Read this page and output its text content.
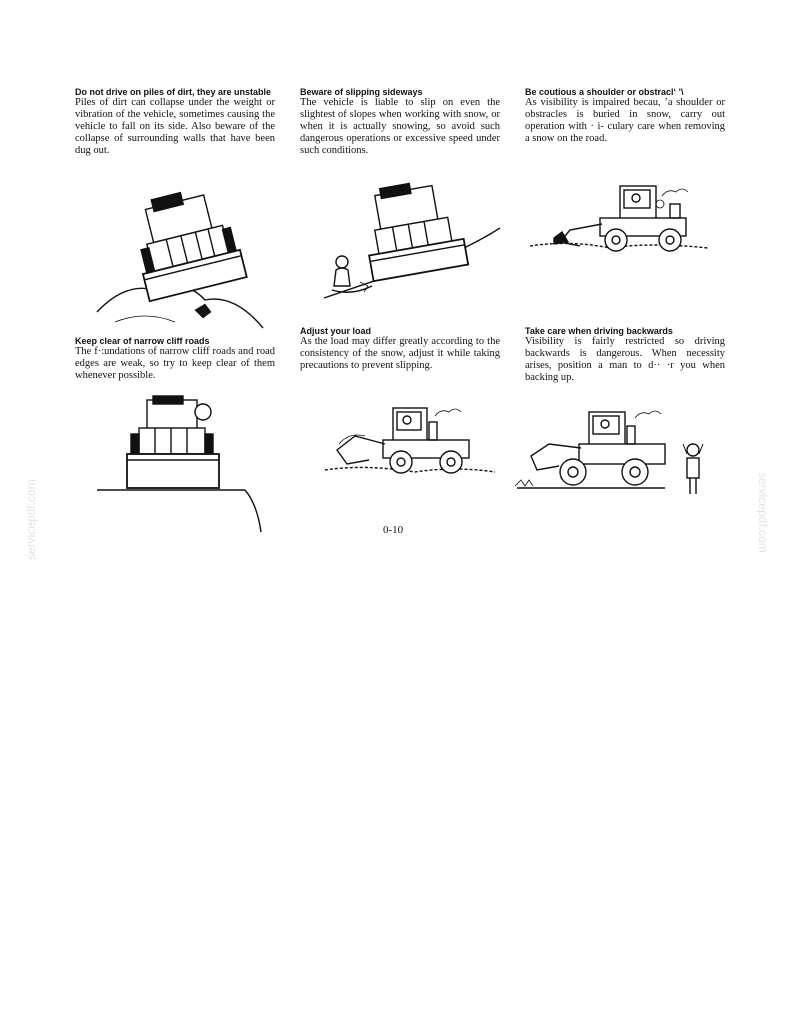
Do not drive on piles of dirt, they are unstable

Piles of dirt can collapse under the weight or vibration of the vehicle, sometimes causing the vehicle to fall on its side. Also beware of the collapse of surrounding walls that have been dug out.

Beware of slipping sideways

The vehicle is liable to slip on even the slightest of slopes when working with snow, or when it is actually snowing, so avoid such dangerous operations or excessive speed under such conditions.

Be coutious a shoulder or obstracl‘ ’\

As visibility is impaired becau, ’a shoulder or obstracles is buried in snow, carry out operation with · i- culary care when removing a snow on the road.

Keep clear of narrow cliff roads

The f·:undations of narrow cliff roads and road edges are weak, so try to keep clear of them whenever possible.

Adjust your load

As the load may differ greatly according to the consistency of the snow, adjust it while taking precautions to prevent slipping.

Take care when driving backwards

Visibility is fairly restricted so driving backwards is dangerous. When necessity arises, position a man to d·· ·r you when backing up.

0-10
servicepdf.com	servicepdf.com
